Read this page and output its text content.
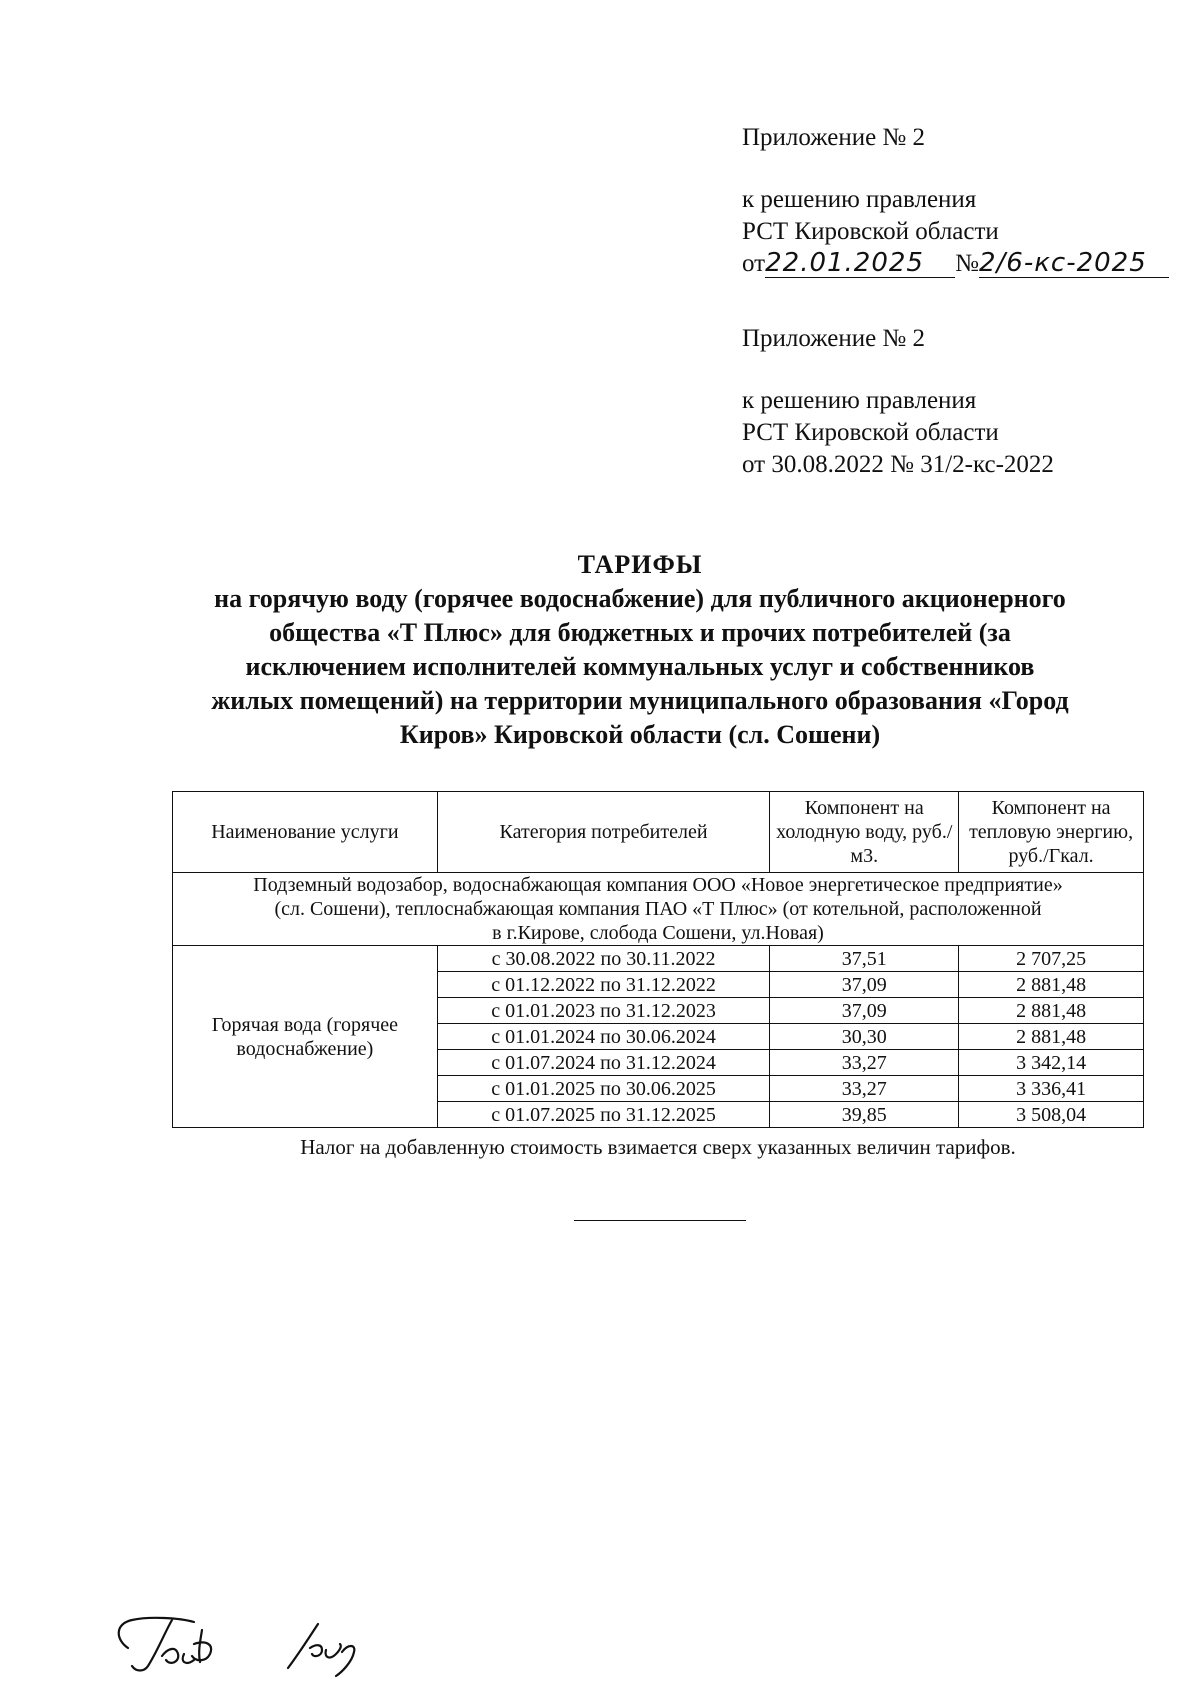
Приложение № 2
к решению правления
РСТ Кировской области
от22.01.2025 №2/6-кс-2025
Приложение № 2
к решению правления
РСТ Кировской области
от 30.08.2022 № 31/2-кс-2022
ТАРИФЫ
на горячую воду (горячее водоснабжение) для публичного акционерного
общества «Т Плюс» для бюджетных и прочих потребителей (за
исключением исполнителей коммунальных услуг и собственников
жилых помещений) на территории муниципального образования «Город
Киров» Кировской области (сл. Сошени)
Наименование услуги	Категория потребителей	Компонент на холодную воду, руб./м3.	Компонент на тепловую энергию, руб./Гкал.

Подземный водозабор, водоснабжающая компания ООО «Новое энергетическое предприятие»
(сл. Сошени), теплоснабжающая компания ПАО «Т Плюс» (от котельной, расположенной
в г.Кирове, слобода Сошени, ул.Новая)			

Горячая вода (горячее водоснабжение)	с 30.08.2022 по 30.11.2022	37,51	2 707,25
	с 01.12.2022 по 31.12.2022	37,09	2 881,48
	с 01.01.2023 по 31.12.2023	37,09	2 881,48
	с 01.01.2024 по 30.06.2024	30,30	2 881,48
	с 01.07.2024 по 31.12.2024	33,27	3 342,14
	с 01.01.2025 по 30.06.2025	33,27	3 336,41
	с 01.07.2025 по 31.12.2025	39,85	3 508,04
Налог на добавленную стоимость взимается сверх указанных величин тарифов.
